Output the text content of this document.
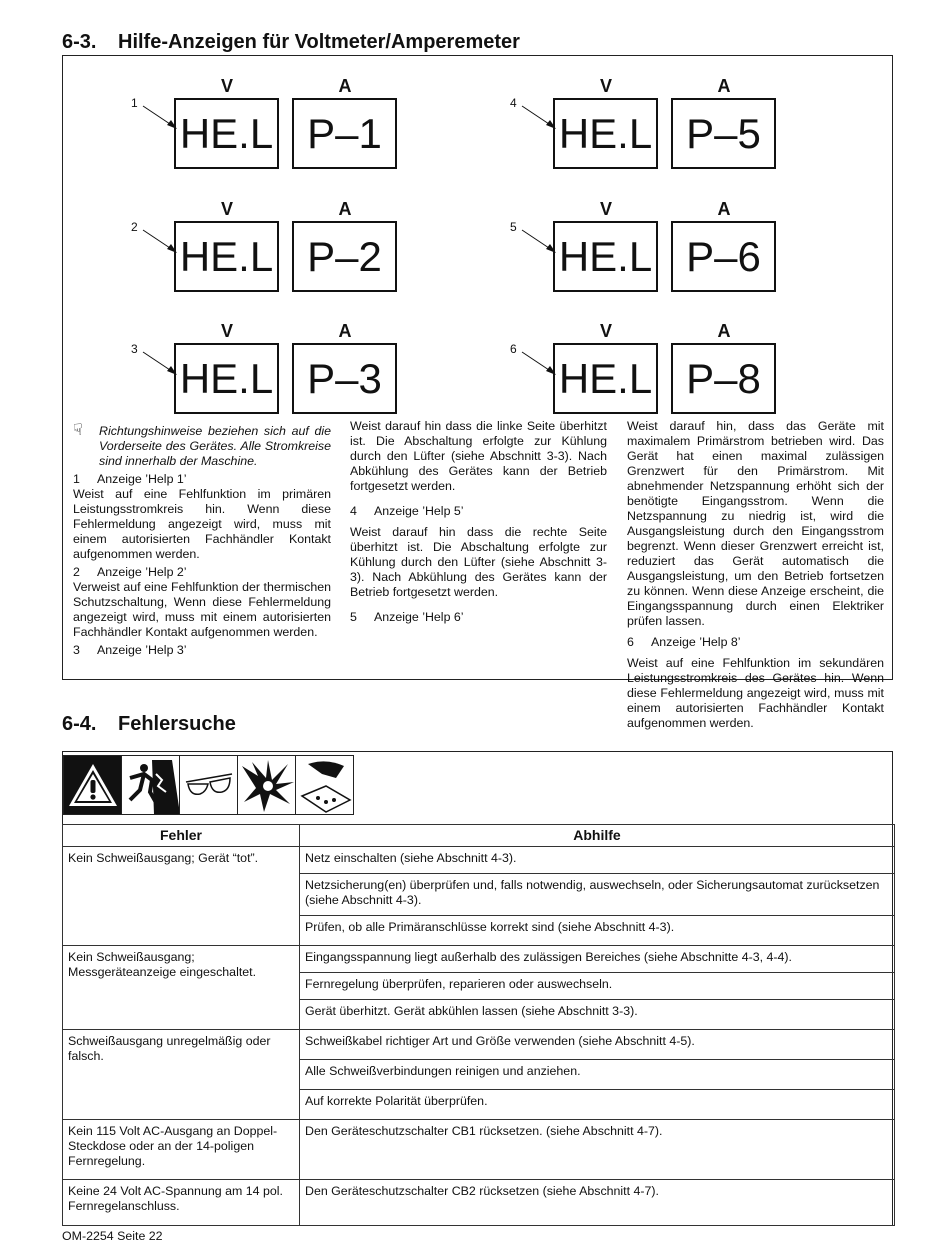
6-3. Hilfe-Anzeigen für Voltmeter/Amperemeter
V	A
HE.L P–1
1
V	A
HE.L P–2
2
V	A
HE.L P–3
3
V	A
HE.L P–5
4
V	A
HE.L P–6
5
V	A
HE.L P–8
6

☟	Richtungshinweise beziehen sich auf die Vorderseite des Gerätes. Alle Stromkreise sind innerhalb der Maschine.

1	Anzeige ’Help 1’

Weist auf eine Fehlfunktion im primären Leistungsstromkreis hin. Wenn diese Fehlermeldung angezeigt wird, muss mit einem autorisierten Fachhändler Kontakt aufgenommen werden.

2	Anzeige ’Help 2’

Verweist auf eine Fehlfunktion der thermischen Schutzschaltung, Wenn diese Fehlermeldung angezeigt wird, muss mit einem autorisierten Fachhändler Kontakt aufgenommen werden.

3	Anzeige ’Help 3’

Weist darauf hin dass die linke Seite überhitzt ist. Die Abschaltung erfolgte zur Kühlung durch den Lüfter (siehe Abschnitt 3-3). Nach Abkühlung des Gerätes kann der Betrieb fortgesetzt werden.

4	Anzeige ’Help 5’

Weist darauf hin dass die rechte Seite überhitzt ist. Die Abschaltung erfolgte zur Kühlung durch den Lüfter (siehe Abschnitt 3-3). Nach Abkühlung des Gerätes kann der Betrieb fortgesetzt werden.

5	Anzeige ’Help 6’

Weist darauf hin, dass das Geräte mit maximalem Primärstrom betrieben wird. Das Gerät hat einen maximal zulässigen Grenzwert für den Primärstrom. Mit abnehmender Netzspannung erhöht sich der benötigte Eingangsstrom. Wenn die Netzspannung zu niedrig ist, wird die Ausgangsleistung durch den Eingangsstrom begrenzt. Wenn dieser Grenzwert erreicht ist, reduziert das Gerät automatisch die Ausgangsleistung, um den Betrieb fortsetzen zu können. Wenn diese Anzeige erscheint, die Eingangsspannung durch einen Elektriker prüfen lassen.

6	Anzeige ’Help 8’

Weist auf eine Fehlfunktion im sekundären Leistungsstromkreis des Gerätes hin. Wenn diese Fehlermeldung angezeigt wird, muss mit einem autorisierten Fachhändler Kontakt aufgenommen werden.

6-4. Fehlersuche
Fehler	Abhilfe
Kein Schweißausgang; Gerät “tot”.	Netz einschalten (siehe Abschnitt 4-3).
	Netzsicherung(en) überprüfen und, falls notwendig, auswechseln, oder Sicherungsautomat zurücksetzen (siehe Abschnitt 4-3).
	Prüfen, ob alle Primäranschlüsse korrekt sind (siehe Abschnitt 4-3).
Kein Schweißausgang; Messgeräteanzeige eingeschaltet.	Eingangsspannung liegt außerhalb des zulässigen Bereiches (siehe Abschnitte 4-3, 4-4).
	Fernregelung überprüfen, reparieren oder auswechseln.
	Gerät überhitzt. Gerät abkühlen lassen (siehe Abschnitt 3-3).
Schweißausgang unregelmäßig oder falsch.	Schweißkabel richtiger Art und Größe verwenden (siehe Abschnitt 4-5).
	Alle Schweißverbindungen reinigen und anziehen.
	Auf korrekte Polarität überprüfen.
Kein 115 Volt AC-Ausgang an Doppel-Steckdose oder an der 14-poligen Fernregelung.	Den Geräteschutzschalter CB1 rücksetzen. (siehe Abschnitt 4-7).
Keine 24 Volt AC-Spannung am 14 pol. Fernregelanschluss.	Den Geräteschutzschalter CB2 rücksetzen (siehe Abschnitt 4-7).
OM-2254 Seite 22
